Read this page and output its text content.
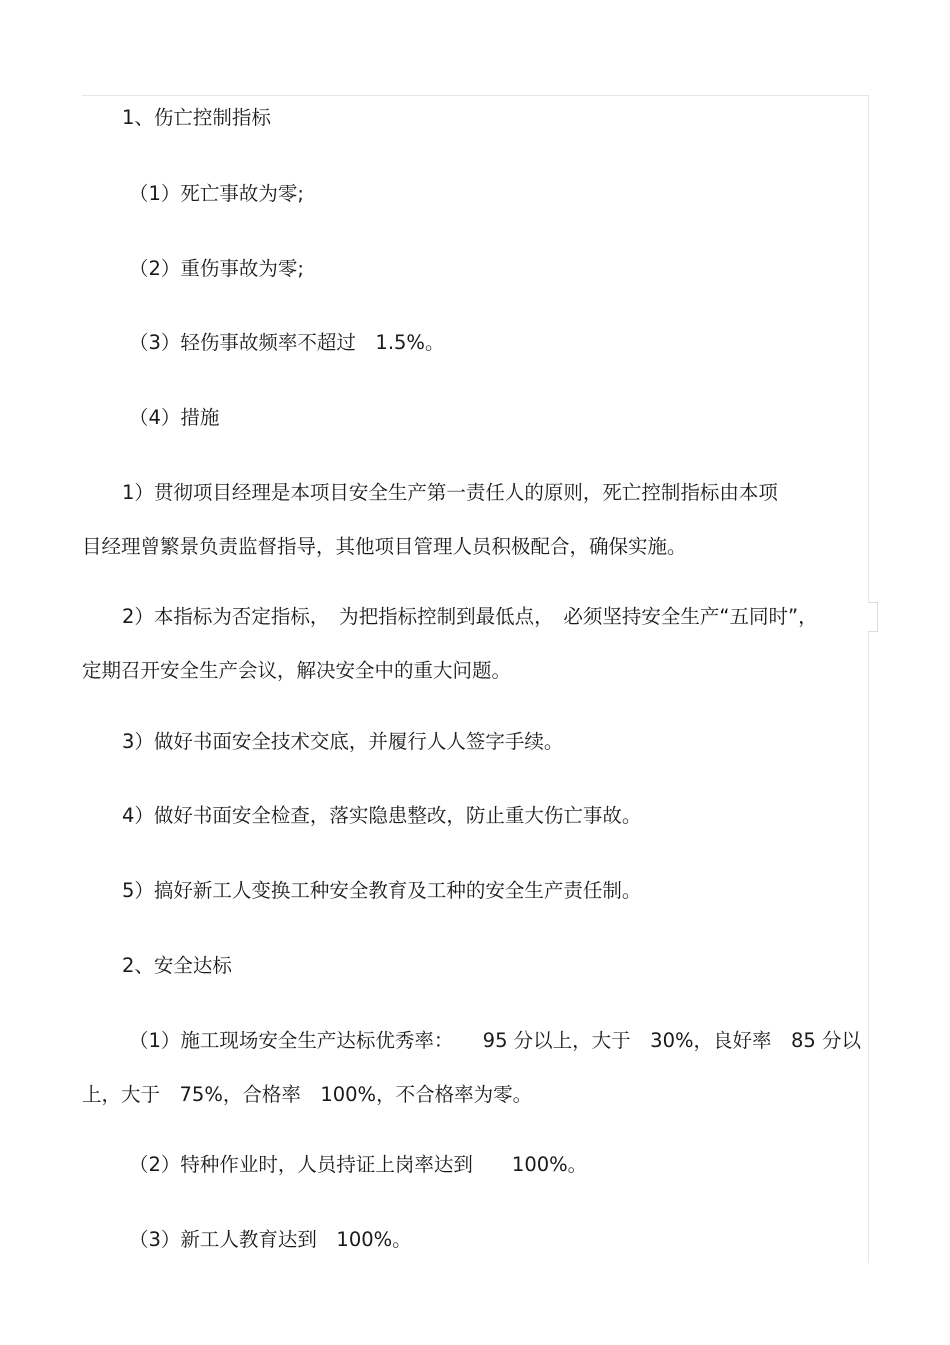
1、伤亡控制指标

（1）死亡事故为零;

（2）重伤事故为零;

（3）轻伤事故频率不超过　1.5%。

（4）措施

1）贯彻项目经理是本项目安全生产第一责任人的原则，死亡控制指标由本项
目经理曾繁景负责监督指导，其他项目管理人员积极配合，确保实施。

2）本指标为否定指标，　为把指标控制到最低点，　必须坚持安全生产“五同时”，
定期召开安全生产会议，解决安全中的重大问题。

3）做好书面安全技术交底，并履行人人签字手续。

4）做好书面安全检查，落实隐患整改，防止重大伤亡事故。

5）搞好新工人变换工种安全教育及工种的安全生产责任制。

2、安全达标

（1）施工现场安全生产达标优秀率：　　95 分以上，大于　30%，良好率　85 分以
上，大于　75%，合格率　100%，不合格率为零。

（2）特种作业时，人员持证上岗率达到　　100%。

（3）新工人教育达到　100%。
